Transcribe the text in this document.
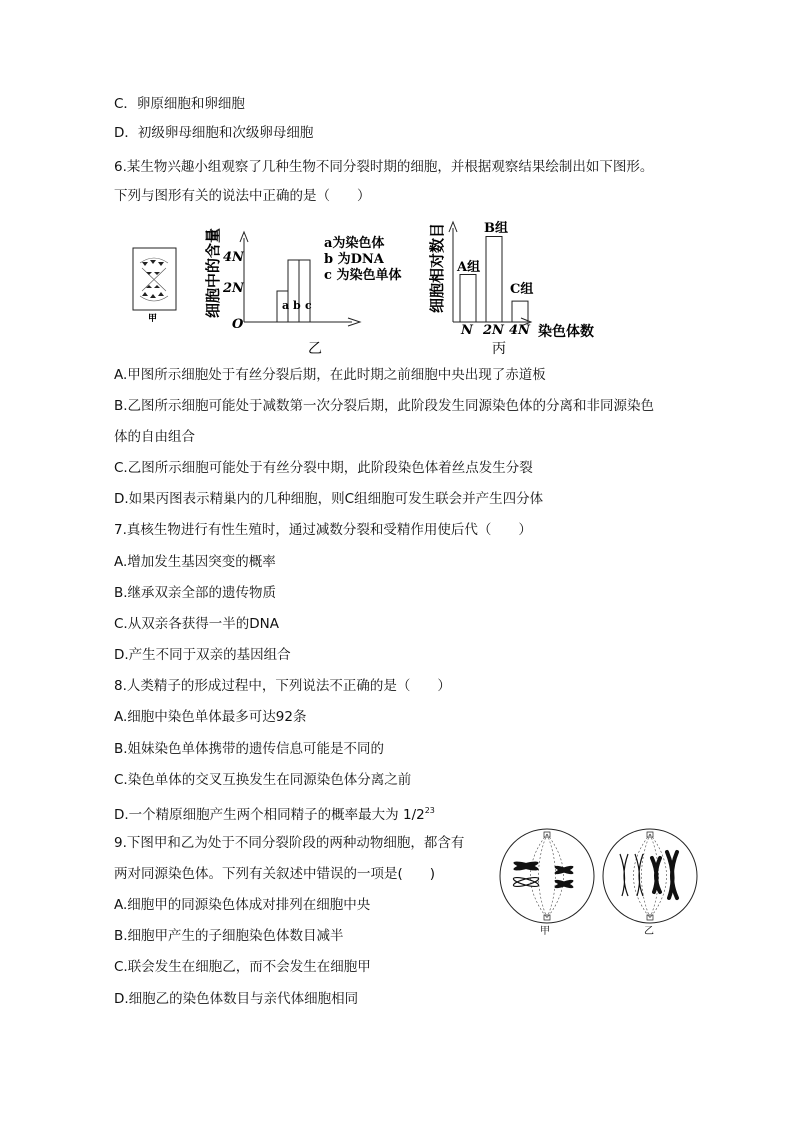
C．卵原细胞和卵细胞
D．初级卵母细胞和次级卵母细胞
6.某生物兴趣小组观察了几种生物不同分裂时期的细胞，并根据观察结果绘制出如下图形。
下列与图形有关的说法中正确的是（　　）
甲
细胞中的含量
O
2N
4N
a b c
a为染色体
b 为DNA
c 为染色单体
乙
细胞相对数目 A组
B组
C组
N 2N 4N 染色体数
丙
A.甲图所示细胞处于有丝分裂后期，在此时期之前细胞中央出现了赤道板
B.乙图所示细胞可能处于减数第一次分裂后期，此阶段发生同源染色体的分离和非同源染色
体的自由组合
C.乙图所示细胞可能处于有丝分裂中期，此阶段染色体着丝点发生分裂
D.如果丙图表示精巢内的几种细胞，则C组细胞可发生联会并产生四分体
7.真核生物进行有性生殖时，通过减数分裂和受精作用使后代（　　）
A.增加发生基因突变的概率
B.继承双亲全部的遗传物质
C.从双亲各获得一半的DNA
D.产生不同于双亲的基因组合
8.人类精子的形成过程中，下列说法不正确的是（　　）
A.细胞中染色单体最多可达92条
B.姐妹染色单体携带的遗传信息可能是不同的
C.染色单体的交叉互换发生在同源染色体分离之前
D.一个精原细胞产生两个相同精子的概率最大为 $1/2^{23}$
9.下图甲和乙为处于不同分裂阶段的两种动物细胞，都含有
两对同源染色体。下列有关叙述中错误的一项是(　　)
A.细胞甲的同源染色体成对排列在细胞中央
B.细胞甲产生的子细胞染色体数目减半
C.联会发生在细胞乙，而不会发生在细胞甲
D.细胞乙的染色体数目与亲代体细胞相同
甲	乙
